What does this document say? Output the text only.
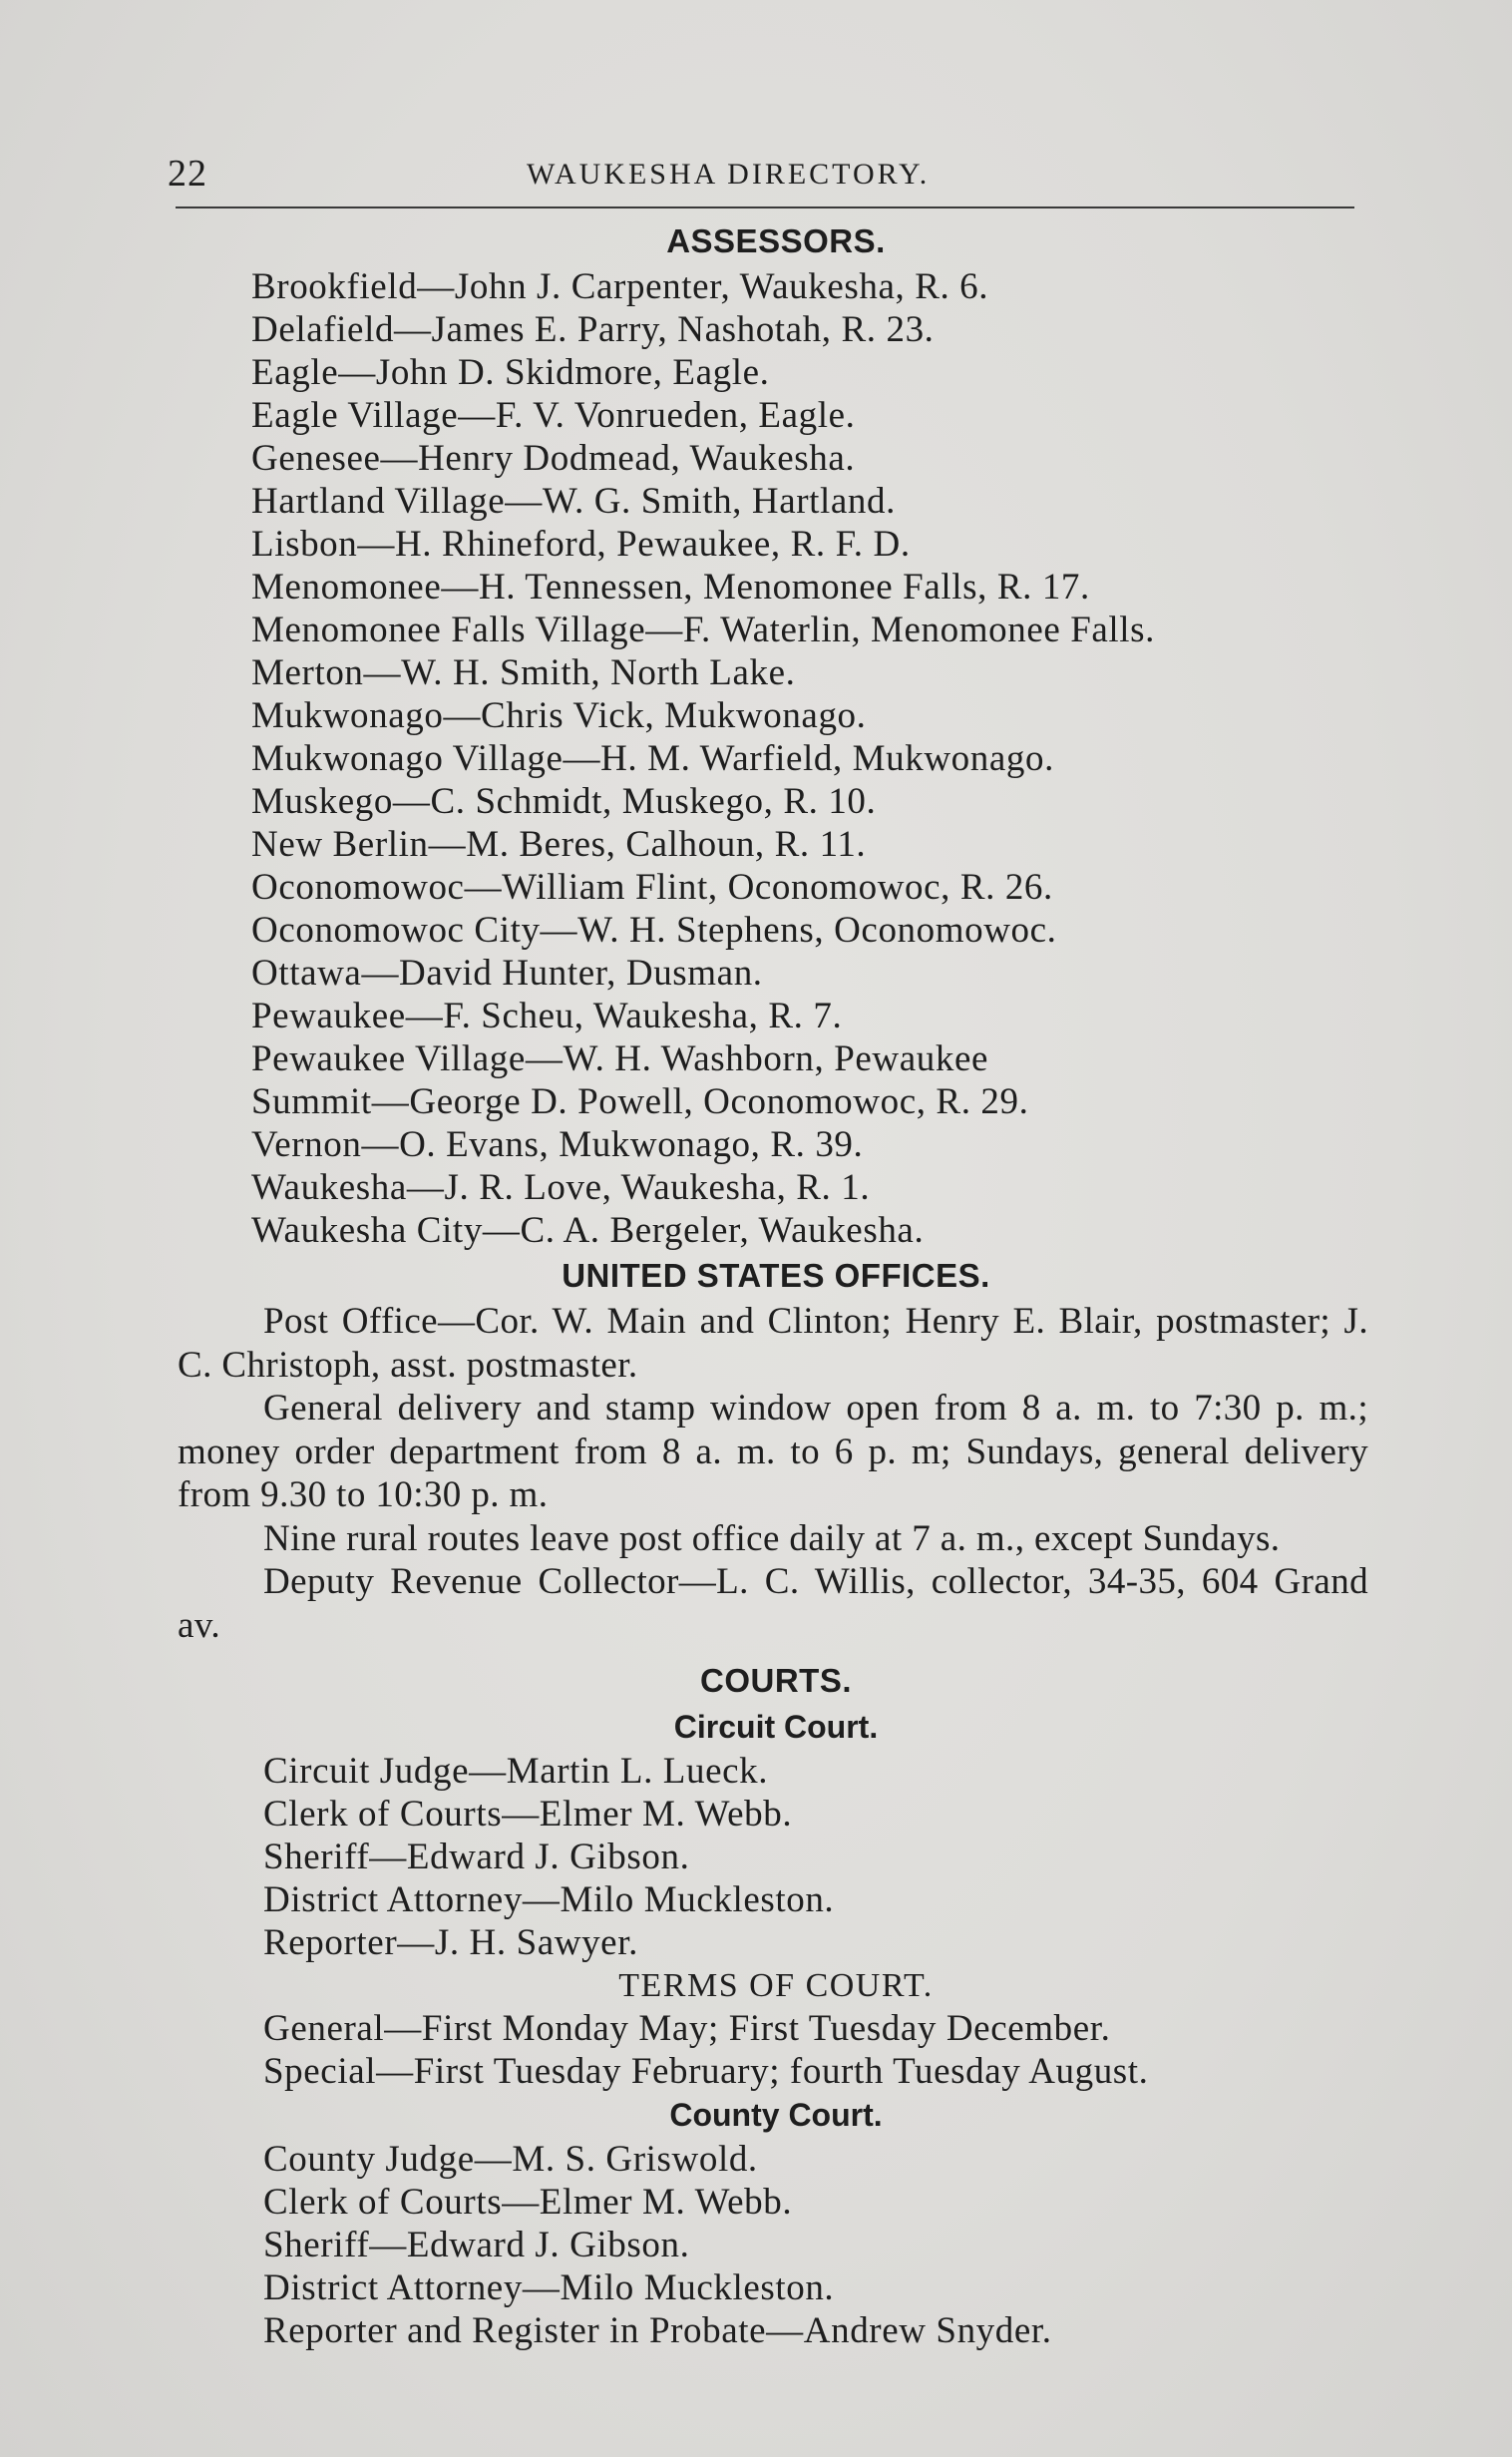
22	WAUKESHA DIRECTORY.
ASSESSORS.
Brookfield—John J. Carpenter, Waukesha, R. 6.
Delafield—James E. Parry, Nashotah, R. 23.
Eagle—John D. Skidmore, Eagle.
Eagle Village—F. V. Vonrueden, Eagle.
Genesee—Henry Dodmead, Waukesha.
Hartland Village—W. G. Smith, Hartland.
Lisbon—H. Rhineford, Pewaukee, R. F. D.
Menomonee—H. Tennessen, Menomonee Falls, R. 17.
Menomonee Falls Village—F. Waterlin, Menomonee Falls.
Merton—W. H. Smith, North Lake.
Mukwonago—Chris Vick, Mukwonago.
Mukwonago Village—H. M. Warfield, Mukwonago.
Muskego—C. Schmidt, Muskego, R. 10.
New Berlin—M. Beres, Calhoun, R. 11.
Oconomowoc—William Flint, Oconomowoc, R. 26.
Oconomowoc City—W. H. Stephens, Oconomowoc.
Ottawa—David Hunter, Dusman.
Pewaukee—F. Scheu, Waukesha, R. 7.
Pewaukee Village—W. H. Washborn, Pewaukee
Summit—George D. Powell, Oconomowoc, R. 29.
Vernon—O. Evans, Mukwonago, R. 39.
Waukesha—J. R. Love, Waukesha, R. 1.
Waukesha City—C. A. Bergeler, Waukesha.
UNITED STATES OFFICES.

Post Office—Cor. W. Main and Clinton; Henry E. Blair, postmaster; J. C. Christoph, asst. postmaster.

General delivery and stamp window open from 8 a. m. to 7:30 p. m.; money order department from 8 a. m. to 6 p. m; Sundays, general delivery from 9.30 to 10:30 p. m.

Nine rural routes leave post office daily at 7 a. m., except Sundays.

Deputy Revenue Collector—L. C. Willis, collector, 34-35, 604 Grand av.

COURTS.
Circuit Court.
Circuit Judge—Martin L. Lueck.
Clerk of Courts—Elmer M. Webb.
Sheriff—Edward J. Gibson.
District Attorney—Milo Muckleston.
Reporter—J. H. Sawyer.
TERMS OF COURT.
General—First Monday May; First Tuesday December.
Special—First Tuesday February; fourth Tuesday August.
County Court.
County Judge—M. S. Griswold.
Clerk of Courts—Elmer M. Webb.
Sheriff—Edward J. Gibson.
District Attorney—Milo Muckleston.
Reporter and Register in Probate—Andrew Snyder.
